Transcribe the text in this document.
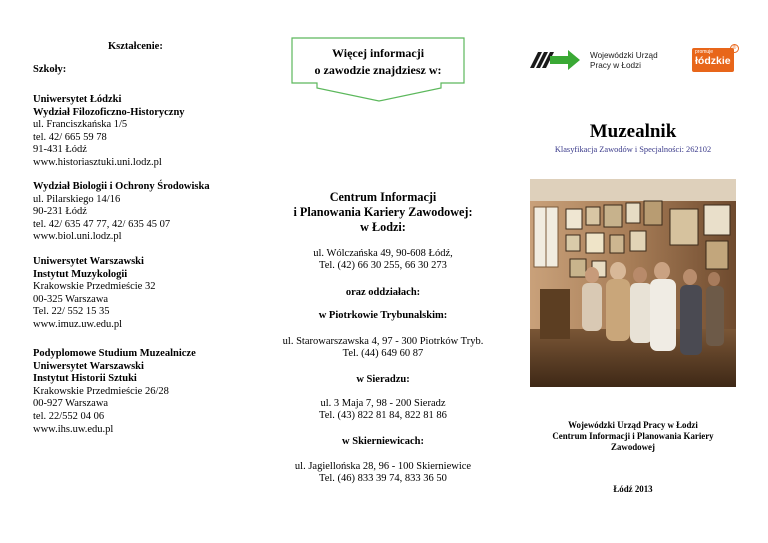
Kształcenie:
Szkoły:

Uniwersytet Łódzki

Wydział Filozoficzno-Historyczny

ul. Franciszkańska 1/5

tel. 42/ 665 59 78

91-431 Łódź

www.historiasztuki.uni.lodz.pl

Wydział Biologii i Ochrony Środowiska

ul. Pilarskiego 14/16

90-231 Łódź

tel. 42/ 635 47 77, 42/ 635 45 07

www.biol.uni.lodz.pl

Uniwersytet Warszawski

Instytut Muzykologii

Krakowskie Przedmieście 32

00-325 Warszawa

Tel. 22/ 552 15 35

www.imuz.uw.edu.pl

Podyplomowe Studium Muzealnicze

Uniwersytet Warszawski

Instytut Historii Sztuki

Krakowskie Przedmieście 26/28

00-927 Warszawa

tel. 22/552 04 06

www.ihs.uw.edu.pl

Więcej informacji
o zawodzie znajdziesz w:
Centrum Informacji
i Planowania Kariery Zawodowej:
w Łodzi:
ul. Wólczańska 49, 90-608 Łódź,
Tel. (42) 66 30 255, 66 30 273
oraz oddziałach:
w Piotrkowie Trybunalskim:
ul. Starowarszawska 4, 97 - 300 Piotrków Tryb.
Tel. (44) 649 60 87
w Sieradzu:
ul. 3 Maja 7, 98 - 200 Sieradz
Tel. (43) 822 81 84, 822 81 86
w Skierniewicach:
ul. Jagiellońska 28, 96 - 100 Skierniewice
Tel. (46) 833 39 74, 833 36 50
Wojewódzki Urząd
Pracy w Łodzi
promuje
łódzkie
®
Muzealnik
Klasyfikacja Zawodów i Specjalności: 262102
Wojewódzki Urząd Pracy w Łodzi
Centrum Informacji i Planowania Kariery
Zawodowej
Łódź 2013
